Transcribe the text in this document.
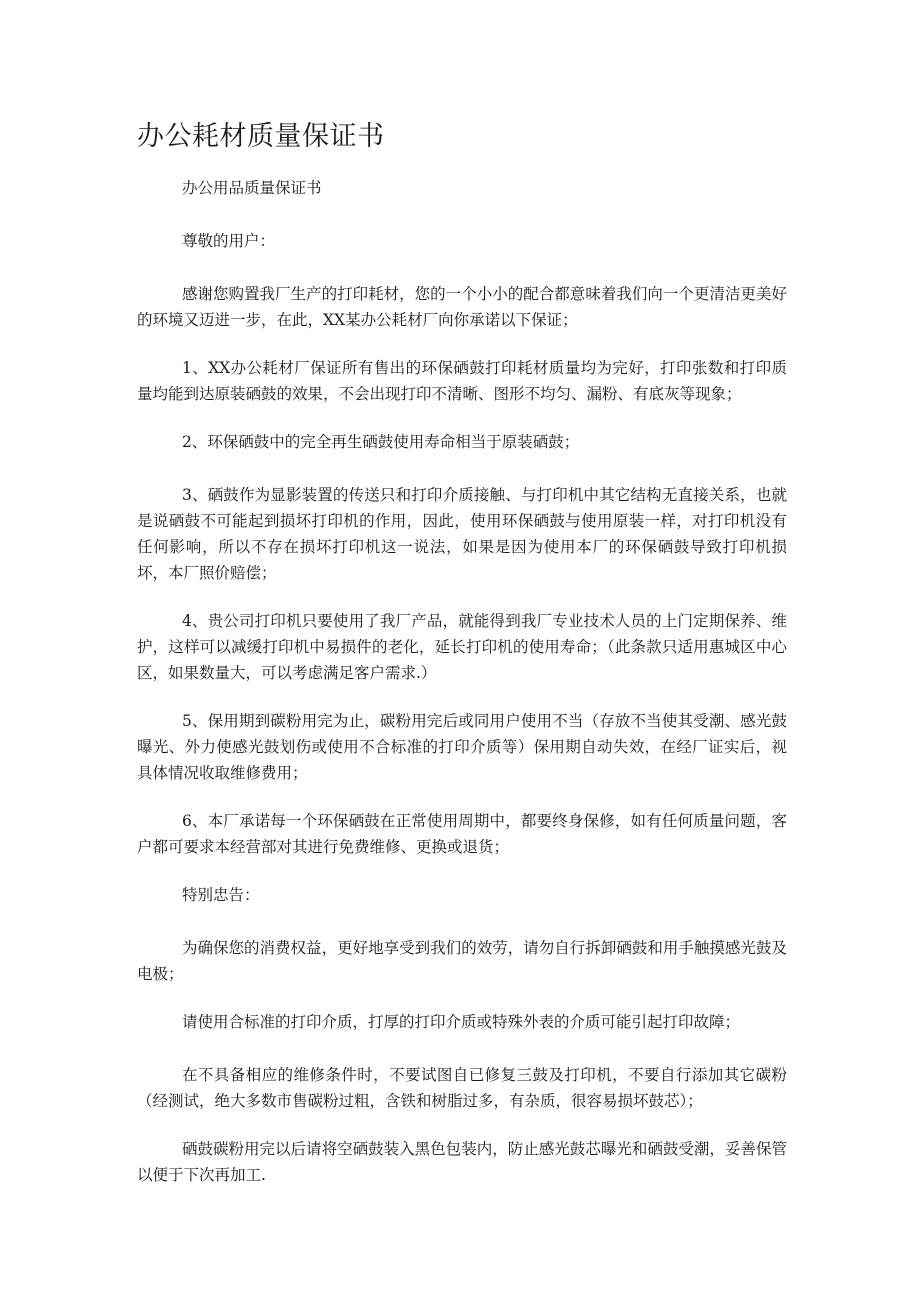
办公耗材质量保证书

办公用品质量保证书

尊敬的用户：

感谢您购置我厂生产的打印耗材，您的一个小小的配合都意味着我们向一个更清洁更美好的环境又迈进一步，在此，XX某办公耗材厂向你承诺以下保证；

1、XX办公耗材厂保证所有售出的环保硒鼓打印耗材质量均为完好，打印张数和打印质量均能到达原装硒鼓的效果，不会出现打印不清晰、图形不均匀、漏粉、有底灰等现象；

2、环保硒鼓中的完全再生硒鼓使用寿命相当于原装硒鼓；

3、硒鼓作为显影装置的传送只和打印介质接触、与打印机中其它结构无直接关系，也就是说硒鼓不可能起到损坏打印机的作用，因此，使用环保硒鼓与使用原装一样，对打印机没有任何影响，所以不存在损坏打印机这一说法，如果是因为使用本厂的环保硒鼓导致打印机损坏，本厂照价赔偿；

4、贵公司打印机只要使用了我厂产品，就能得到我厂专业技术人员的上门定期保养、维护，这样可以减缓打印机中易损件的老化，延长打印机的使用寿命；（此条款只适用惠城区中心区，如果数量大，可以考虑满足客户需求.）

5、保用期到碳粉用完为止，碳粉用完后或同用户使用不当（存放不当使其受潮、感光鼓曝光、外力使感光鼓划伤或使用不合标准的打印介质等）保用期自动失效，在经厂证实后，视具体情况收取维修费用；

6、本厂承诺每一个环保硒鼓在正常使用周期中，都要终身保修，如有任何质量问题，客户都可要求本经营部对其进行免费维修、更换或退货；

特别忠告：

为确保您的消费权益，更好地享受到我们的效劳，请勿自行拆卸硒鼓和用手触摸感光鼓及电极；

请使用合标准的打印介质，打厚的打印介质或特殊外表的介质可能引起打印故障；

在不具备相应的维修条件时，不要试图自已修复三鼓及打印机，不要自行添加其它碳粉（经测试，绝大多数市售碳粉过粗，含铁和树脂过多，有杂质，很容易损坏鼓芯）；

硒鼓碳粉用完以后请将空硒鼓装入黑色包装内，防止感光鼓芯曝光和硒鼓受潮，妥善保管以便于下次再加工.
